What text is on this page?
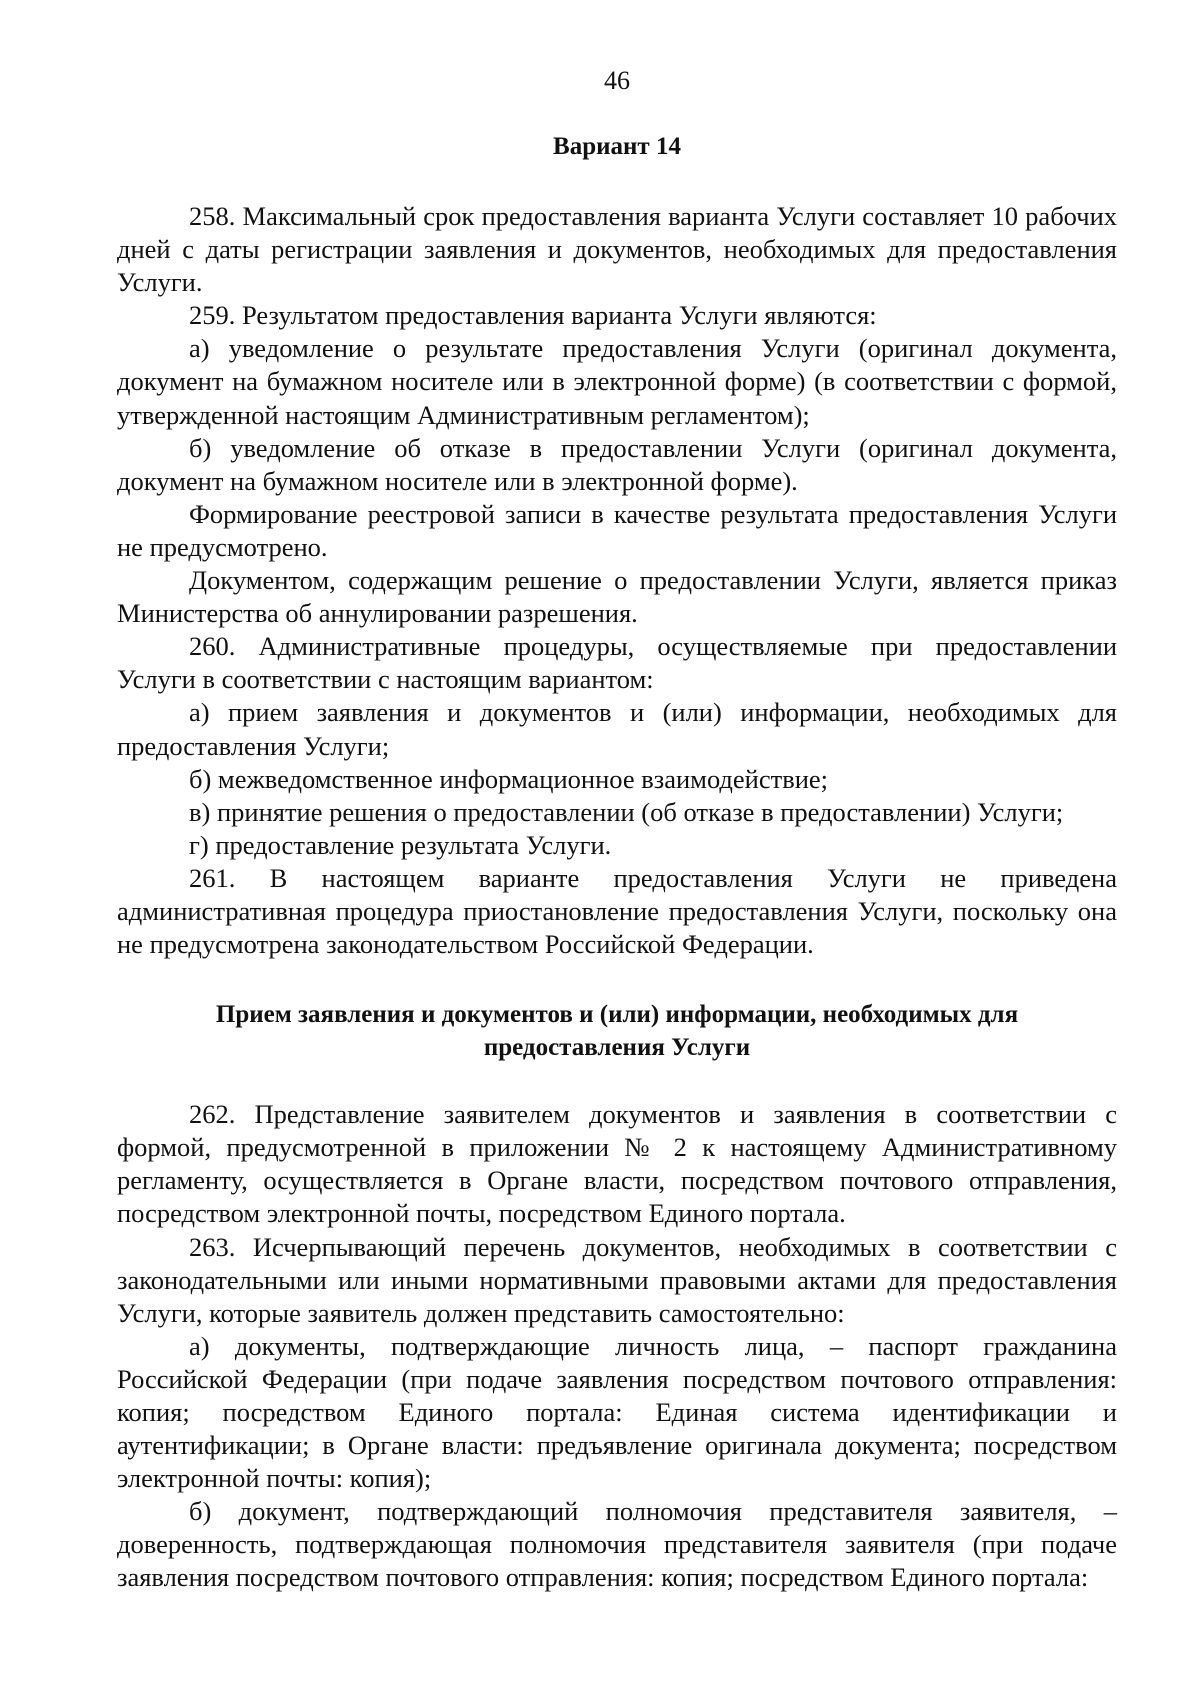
46
Вариант 14

258. Максимальный срок предоставления варианта Услуги составляет 10 рабочих дней с даты регистрации заявления и документов, необходимых для предоставления Услуги.

259. Результатом предоставления варианта Услуги являются:

а) уведомление о результате предоставления Услуги (оригинал документа, документ на бумажном носителе или в электронной форме) (в соответствии с формой, утвержденной настоящим Административным регламентом);

б) уведомление об отказе в предоставлении Услуги (оригинал документа, документ на бумажном носителе или в электронной форме).

Формирование реестровой записи в качестве результата предоставления Услуги не предусмотрено.

Документом, содержащим решение о предоставлении Услуги, является приказ Министерства об аннулировании разрешения.

260. Административные процедуры, осуществляемые при предоставлении Услуги в соответствии с настоящим вариантом:

а) прием заявления и документов и (или) информации, необходимых для предоставления Услуги;

б) межведомственное информационное взаимодействие;

в) принятие решения о предоставлении (об отказе в предоставлении) Услуги;

г) предоставление результата Услуги.

261. В настоящем варианте предоставления Услуги не приведена административная процедура приостановление предоставления Услуги, поскольку она не предусмотрена законодательством Российской Федерации.

Прием заявления и документов и (или) информации, необходимых для
предоставления Услуги

262. Представление заявителем документов и заявления в соответствии с формой, предусмотренной в приложении № 2 к настоящему Административному регламенту, осуществляется в Органе власти, посредством почтового отправления, посредством электронной почты, посредством Единого портала.

263. Исчерпывающий перечень документов, необходимых в соответствии с законодательными или иными нормативными правовыми актами для предоставления Услуги, которые заявитель должен представить самостоятельно:

а) документы, подтверждающие личность лица, – паспорт гражданина Российской Федерации (при подаче заявления посредством почтового отправления: копия; посредством Единого портала: Единая система идентификации и аутентификации; в Органе власти: предъявление оригинала документа; посредством электронной почты: копия);

б) документ, подтверждающий полномочия представителя заявителя, – доверенность, подтверждающая полномочия представителя заявителя (при подаче заявления посредством почтового отправления: копия; посредством Единого портала:
